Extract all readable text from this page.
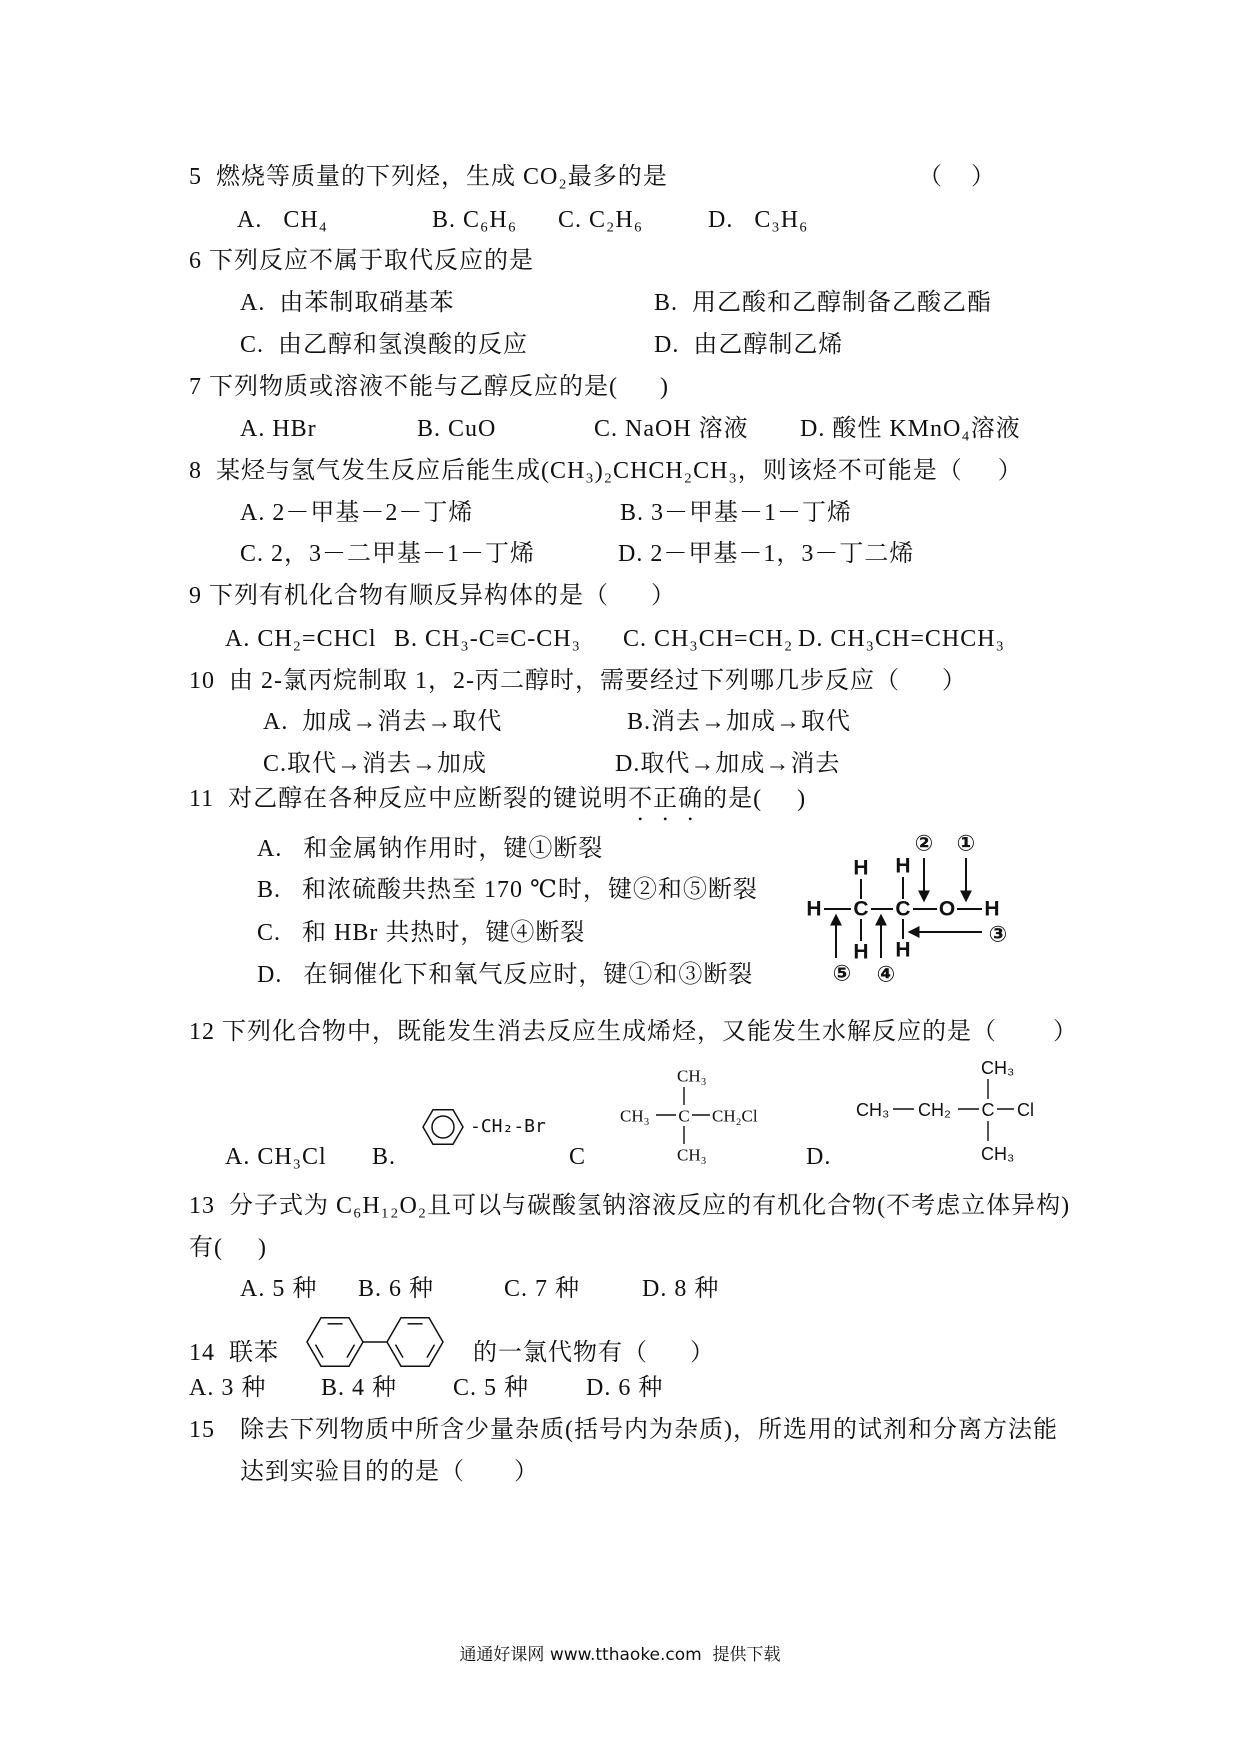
5  燃烧等质量的下列烃，生成 CO₂最多的是	（    ）
A.   CH₄	B. C₆H₆ C. C₂H₆	D.   C₃H₆
6 下列反应不属于取代反应的是
A.  由苯制取硝基苯	B.  用乙酸和乙醇制备乙酸乙酯
C.  由乙醇和氢溴酸的反应	D.  由乙醇制乙烯
7 下列物质或溶液不能与乙醇反应的是(      )
A. HBr	B. CuO	C. NaOH 溶液 D. 酸性 KMnO₄溶液
8  某烃与氢气发生反应后能生成(CH₃)₂CHCH₂CH₃，则该烃不可能是（     ）
A. 2－甲基－2－丁烯	B. 3－甲基－1－丁烯
C. 2，3－二甲基－1－丁烯	D. 2－甲基－1，3－丁二烯
9 下列有机化合物有顺反异构体的是（      ）
A. CH₂=CHCl B. CH₃-C≡C-CH₃ C. CH₃CH=CH₂ D. CH₃CH=CHCH₃
10  由 2-氯丙烷制取 1，2-丙二醇时，需要经过下列哪几步反应（      ）
A.  加成→消去→取代	B.消去→加成→取代
C.取代→消去→加成	D.取代→加成→消去
11  对乙醇在各种反应中应断裂的键说明不正确的是(     )
A.   和金属钠作用时，键①断裂
B.   和浓硫酸共热至 170 ℃时，键②和⑤断裂
C.   和 HBr 共热时，键④断裂
D.   在铜催化下和氧气反应时，键①和③断裂
H C C O H
H H
H H
② ①
③
⑤ ④
12 下列化合物中，既能发生消去反应生成烯烃，又能发生水解反应的是（        ）
A. CH₃Cl B.
-CH₂-Br
C
CH₃
CH₃ C CH₂Cl
CH₃	D.
CH₃
CH₃ CH₂ C Cl
CH₃
13  分子式为 C₆H₁₂O₂且可以与碳酸氢钠溶液反应的有机化合物(不考虑立体异构)
有(     )
A. 5 种 B. 6 种	C. 7 种	D. 8 种
14  联苯	的一氯代物有（      ）
A. 3 种 B. 4 种 C. 5 种 D. 6 种
15 除去下列物质中所含少量杂质(括号内为杂质)，所选用的试剂和分离方法能
达到实验目的的是（       ）
通通好课网 www.tthaoke.com  提供下载
